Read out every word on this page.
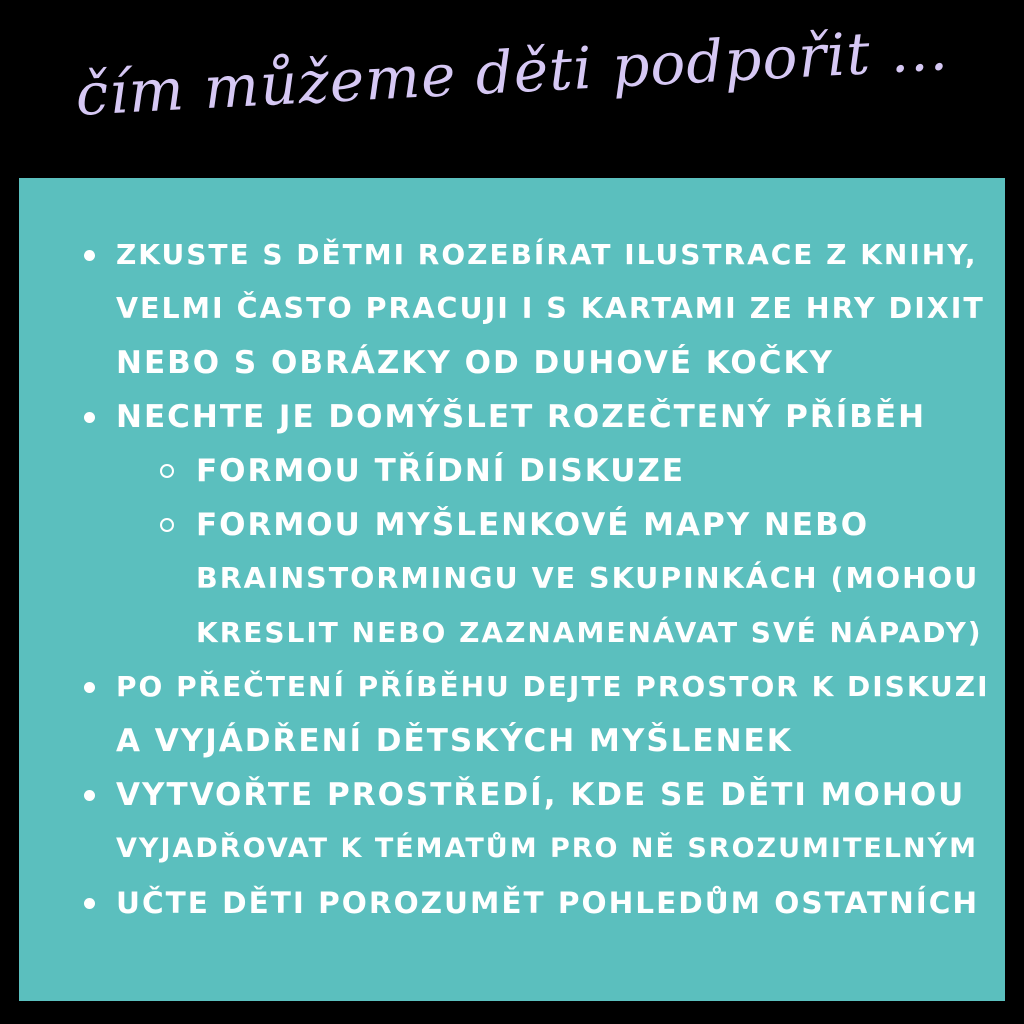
čím můžeme děti podpořit ...
ZKUSTE S DĚTMI ROZEBÍRAT ILUSTRACE Z KNIHY,
VELMI ČASTO PRACUJI I S KARTAMI ZE HRY DIXIT
NEBO S OBRÁZKY OD DUHOVÉ KOČKY
NECHTE JE DOMÝŠLET ROZEČTENÝ PŘÍBĚH
FORMOU TŘÍDNÍ DISKUZE
FORMOU MYŠLENKOVÉ MAPY NEBO
BRAINSTORMINGU VE SKUPINKÁCH (MOHOU
KRESLIT NEBO ZAZNAMENÁVAT SVÉ NÁPADY)
PO PŘEČTENÍ PŘÍBĚHU DEJTE PROSTOR K DISKUZI
A VYJÁDŘENÍ DĚTSKÝCH MYŠLENEK
VYTVOŘTE PROSTŘEDÍ, KDE SE DĚTI MOHOU
VYJADŘOVAT K TÉMATŮM PRO NĚ SROZUMITELNÝM
UČTE DĚTI POROZUMĚT POHLEDŮM OSTATNÍCH
